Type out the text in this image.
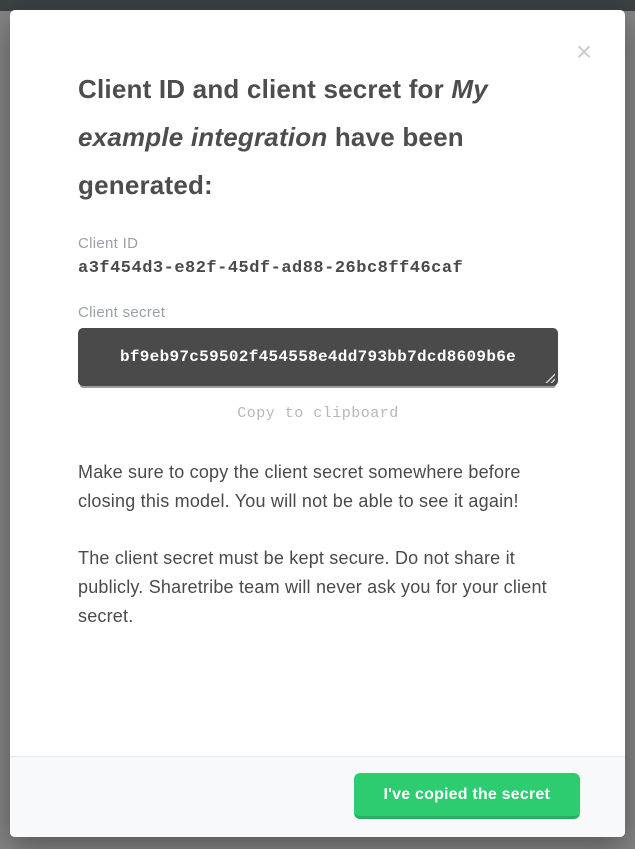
×
Client ID and client secret for My example integration have been generated:
Client ID
a3f454d3-e82f-45df-ad88-26bc8ff46caf
Client secret
bf9eb97c59502f454558e4dd793bb7dcd8609b6e
Copy to clipboard

Make sure to copy the client secret somewhere before closing this model. You will not be able to see it again!

The client secret must be kept secure. Do not share it publicly. Sharetribe team will never ask you for your client secret.

I've copied the secret
